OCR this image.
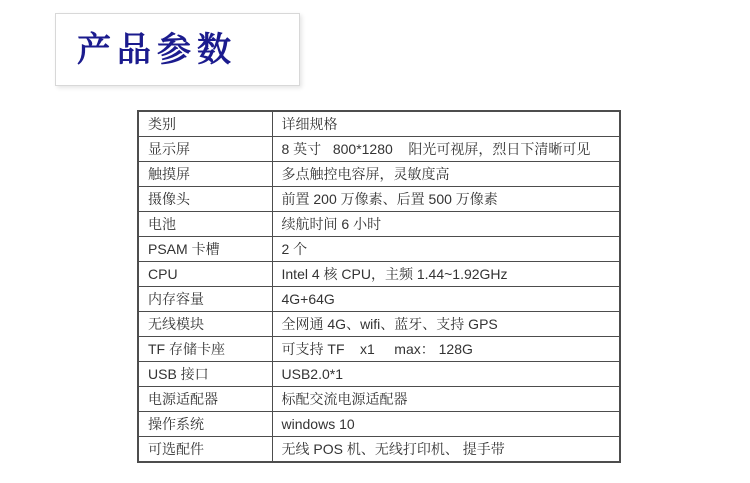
产品参数
类别	详细规格
显示屏	8 英寸   800*1280    阳光可视屏，烈日下清晰可见
触摸屏	多点触控电容屏，灵敏度高
摄像头	前置 200 万像素、后置 500 万像素
电池	续航时间 6 小时
PSAM 卡槽	2 个
CPU	Intel 4 核 CPU，主频 1.44~1.92GHz
内存容量	4G+64G
无线模块	全网通 4G、wifi、蓝牙、支持 GPS
TF 存储卡座	可支持 TF    x1     max： 128G
USB 接口	USB2.0*1
电源适配器	标配交流电源适配器
操作系统	windows 10
可选配件	无线 POS 机、无线打印机、 提手带
